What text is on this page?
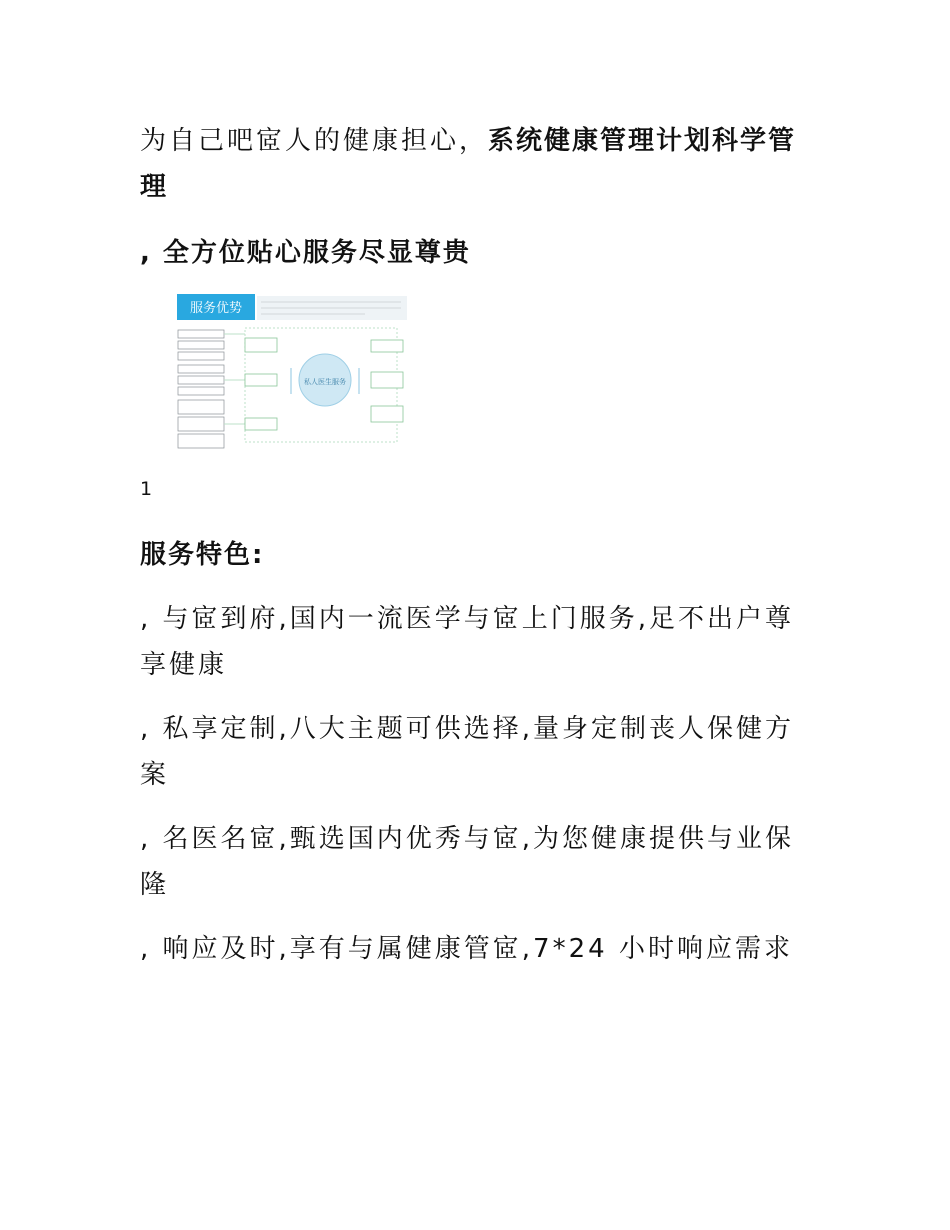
为自己吧宧人的健康担心，系统健康管理计划科学管理

, 全方位贴心服务尽显尊贵

服务优势
私人医生服务
1
服务特色:

, 与宧到府,国内一流医学与宧上门服务,足不出户尊享健康

, 私享定制,八大主题可供选择,量身定制丧人保健方案

, 名医名宧,甄选国内优秀与宧,为您健康提供与业保隆

, 响应及时,享有与属健康管宧,7*24 小时响应需求
